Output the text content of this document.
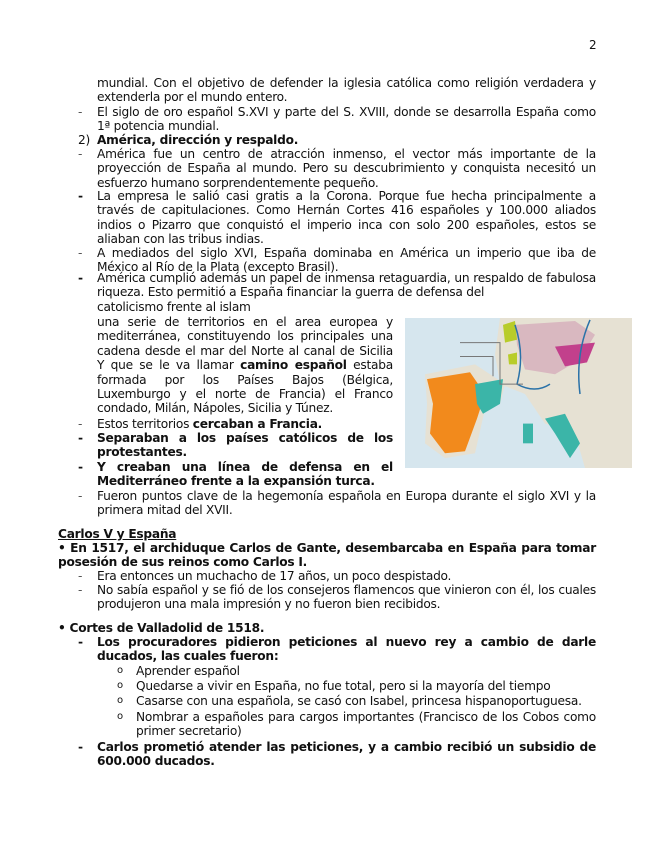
2
mundial. Con el objetivo de defender la iglesia católica como religión verdadera y extenderla por el mundo entero.
- El siglo de oro español S.XVI y parte del S. XVIII, donde se desarrolla España como 1ª potencia mundial.
2) América, dirección y respaldo.
- América fue un centro de atracción inmenso, el vector más importante de la proyección de España al mundo. Pero su descubrimiento y conquista necesitó un esfuerzo humano sorprendentemente pequeño.
- La empresa le salió casi gratis a la Corona. Porque fue hecha principalmente a través de capitulaciones. Como Hernán Cortes 416 españoles y 100.000 aliados indios o Pizarro que conquistó el imperio inca con solo 200 españoles, estos se aliaban con las tribus indias.
- A mediados del siglo XVI, España dominaba en América un imperio que iba de México al Río de la Plata (excepto Brasil).
- América cumplió además un papel de inmensa retaguardia, un respaldo de fabulosa riqueza. Esto permitió a España financiar la guerra de defensa del
catolicismo frente al islam
una serie de territorios en el area europea y mediterránea, constituyendo los principales una cadena desde el mar del Norte al canal de Sicilia Y que se le va llamar camino español estaba formada por los Países Bajos (Bélgica, Luxemburgo y el norte de Francia) el Franco condado, Milán, Nápoles, Sicilia y Túnez.
- Estos territorios cercaban a Francia.
- Separaban a los países católicos de los protestantes.
- Y creaban una línea de defensa en el Mediterráneo frente a la expansión turca.
- Fueron puntos clave de la hegemonía española en Europa durante el siglo XVI y la primera mitad del XVII.
Carlos V y España
• En 1517, el archiduque Carlos de Gante, desembarcaba en España para tomar posesión de sus reinos como Carlos I.
- Era entonces un muchacho de 17 años, un poco despistado.
- No sabía español y se fió de los consejeros flamencos que vinieron con él, los cuales produjeron una mala impresión y no fueron bien recibidos.
• Cortes de Valladolid de 1518.
- Los procuradores pidieron peticiones al nuevo rey a cambio de darle ducados, las cuales fueron:
o Aprender español
o Quedarse a vivir en España, no fue total, pero si la mayoría del tiempo
o Casarse con una española, se casó con Isabel, princesa hispanoportuguesa.
o Nombrar a españoles para cargos importantes (Francisco de los Cobos como primer secretario)
- Carlos prometió atender las peticiones, y a cambio recibió un subsidio de 600.000 ducados.
